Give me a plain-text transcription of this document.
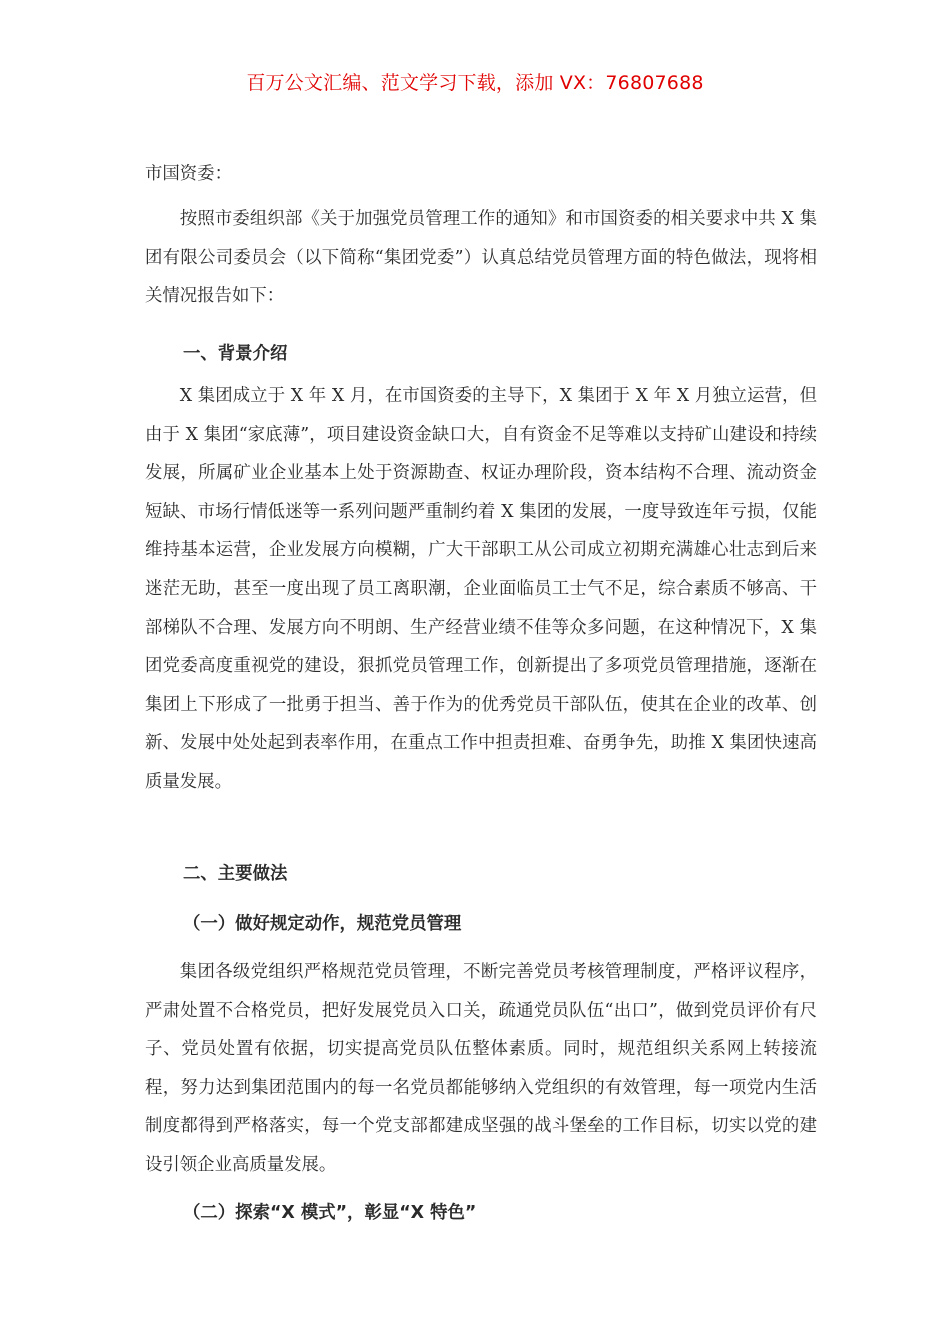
百万公文汇编、范文学习下载，添加 VX：76807688
市国资委：
按照市委组织部《关于加强党员管理工作的通知》和市国资委的相关要求中共 X 集团有限公司委员会（以下简称“集团党委”）认真总结党员管理方面的特色做法，现将相关情况报告如下：
一、背景介绍
X 集团成立于 X 年 X 月，在市国资委的主导下，X 集团于 X 年 X 月独立运营，但由于 X 集团“家底薄”，项目建设资金缺口大，自有资金不足等难以支持矿山建设和持续发展，所属矿业企业基本上处于资源勘查、权证办理阶段，资本结构不合理、流动资金短缺、市场行情低迷等一系列问题严重制约着 X 集团的发展，一度导致连年亏损，仅能维持基本运营，企业发展方向模糊，广大干部职工从公司成立初期充满雄心壮志到后来迷茫无助，甚至一度出现了员工离职潮，企业面临员工士气不足，综合素质不够高、干部梯队不合理、发展方向不明朗、生产经营业绩不佳等众多问题，在这种情况下，X 集团党委高度重视党的建设，狠抓党员管理工作，创新提出了多项党员管理措施，逐渐在集团上下形成了一批勇于担当、善于作为的优秀党员干部队伍，使其在企业的改革、创新、发展中处处起到表率作用，在重点工作中担责担难、奋勇争先，助推 X 集团快速高质量发展。
二、主要做法
（一）做好规定动作，规范党员管理
集团各级党组织严格规范党员管理，不断完善党员考核管理制度，严格评议程序，严肃处置不合格党员，把好发展党员入口关，疏通党员队伍“出口”，做到党员评价有尺子、党员处置有依据，切实提高党员队伍整体素质。同时，规范组织关系网上转接流程，努力达到集团范围内的每一名党员都能够纳入党组织的有效管理，每一项党内生活制度都得到严格落实，每一个党支部都建成坚强的战斗堡垒的工作目标，切实以党的建设引领企业高质量发展。
（二）探索“X 模式”，彰显“X 特色”
